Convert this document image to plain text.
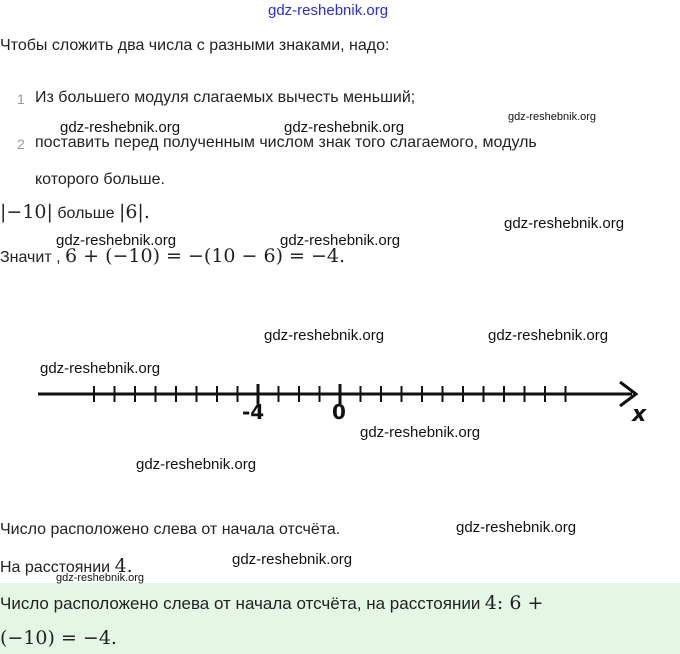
gdz-reshebnik.org
Чтобы сложить два числа с разными знаками, надо:
1 Из большего модуля слагаемых вычесть меньший;
2 поставить перед полученным числом знак того слагаемого, модуль
которого больше.
|−10| больше |6|.
Значит , 6 + (−10) = −(10 − 6) = −4.
-4	0	x
Число расположено слева от начала отсчёта.
На расстоянии 4.
Число расположено слева от начала отсчёта, на расстоянии 4: 6 +
(−10) = −4.
gdz-reshebnik.org	gdz-reshebnik.org
gdz-reshebnik.org
gdz-reshebnik.org
gdz-reshebnik.org	gdz-reshebnik.org
gdz-reshebnik.org	gdz-reshebnik.org
gdz-reshebnik.org
gdz-reshebnik.org
gdz-reshebnik.org
gdz-reshebnik.org
gdz-reshebnik.org
gdz-reshebnik.org
